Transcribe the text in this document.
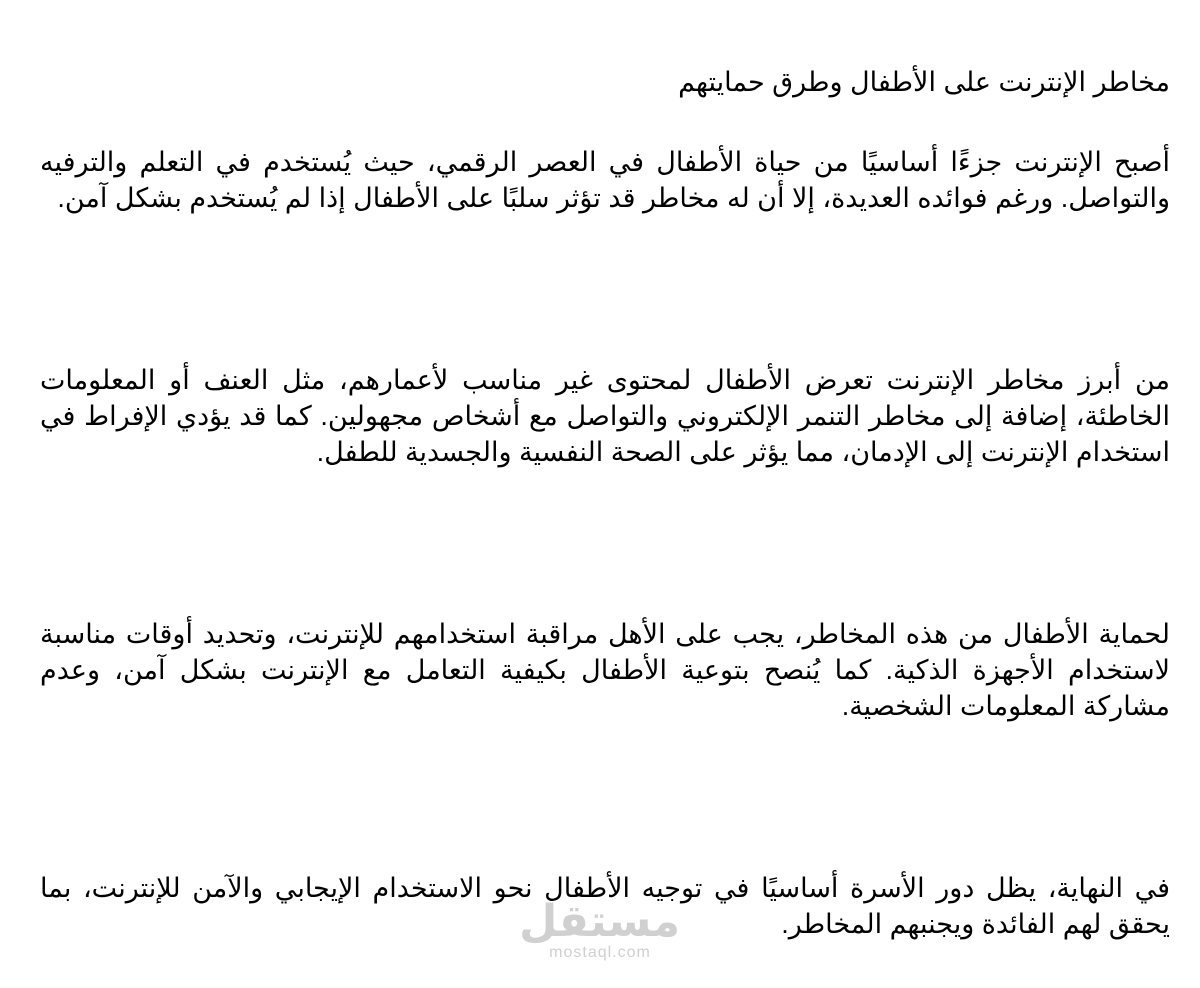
مخاطر الإنترنت على الأطفال وطرق حمايتهم

أصبح الإنترنت جزءًا أساسيًا من حياة الأطفال في العصر الرقمي، حيث يُستخدم في التعلم والترفيه والتواصل. ورغم فوائده العديدة، إلا أن له مخاطر قد تؤثر سلبًا على الأطفال إذا لم يُستخدم بشكل آمن.

من أبرز مخاطر الإنترنت تعرض الأطفال لمحتوى غير مناسب لأعمارهم، مثل العنف أو المعلومات الخاطئة، إضافة إلى مخاطر التنمر الإلكتروني والتواصل مع أشخاص مجهولين. كما قد يؤدي الإفراط في استخدام الإنترنت إلى الإدمان، مما يؤثر على الصحة النفسية والجسدية للطفل.

لحماية الأطفال من هذه المخاطر، يجب على الأهل مراقبة استخدامهم للإنترنت، وتحديد أوقات مناسبة لاستخدام الأجهزة الذكية. كما يُنصح بتوعية الأطفال بكيفية التعامل مع الإنترنت بشكل آمن، وعدم مشاركة المعلومات الشخصية.

في النهاية، يظل دور الأسرة أساسيًا في توجيه الأطفال نحو الاستخدام الإيجابي والآمن للإنترنت، بما يحقق لهم الفائدة ويجنبهم المخاطر.

مستقل
mostaql.com
